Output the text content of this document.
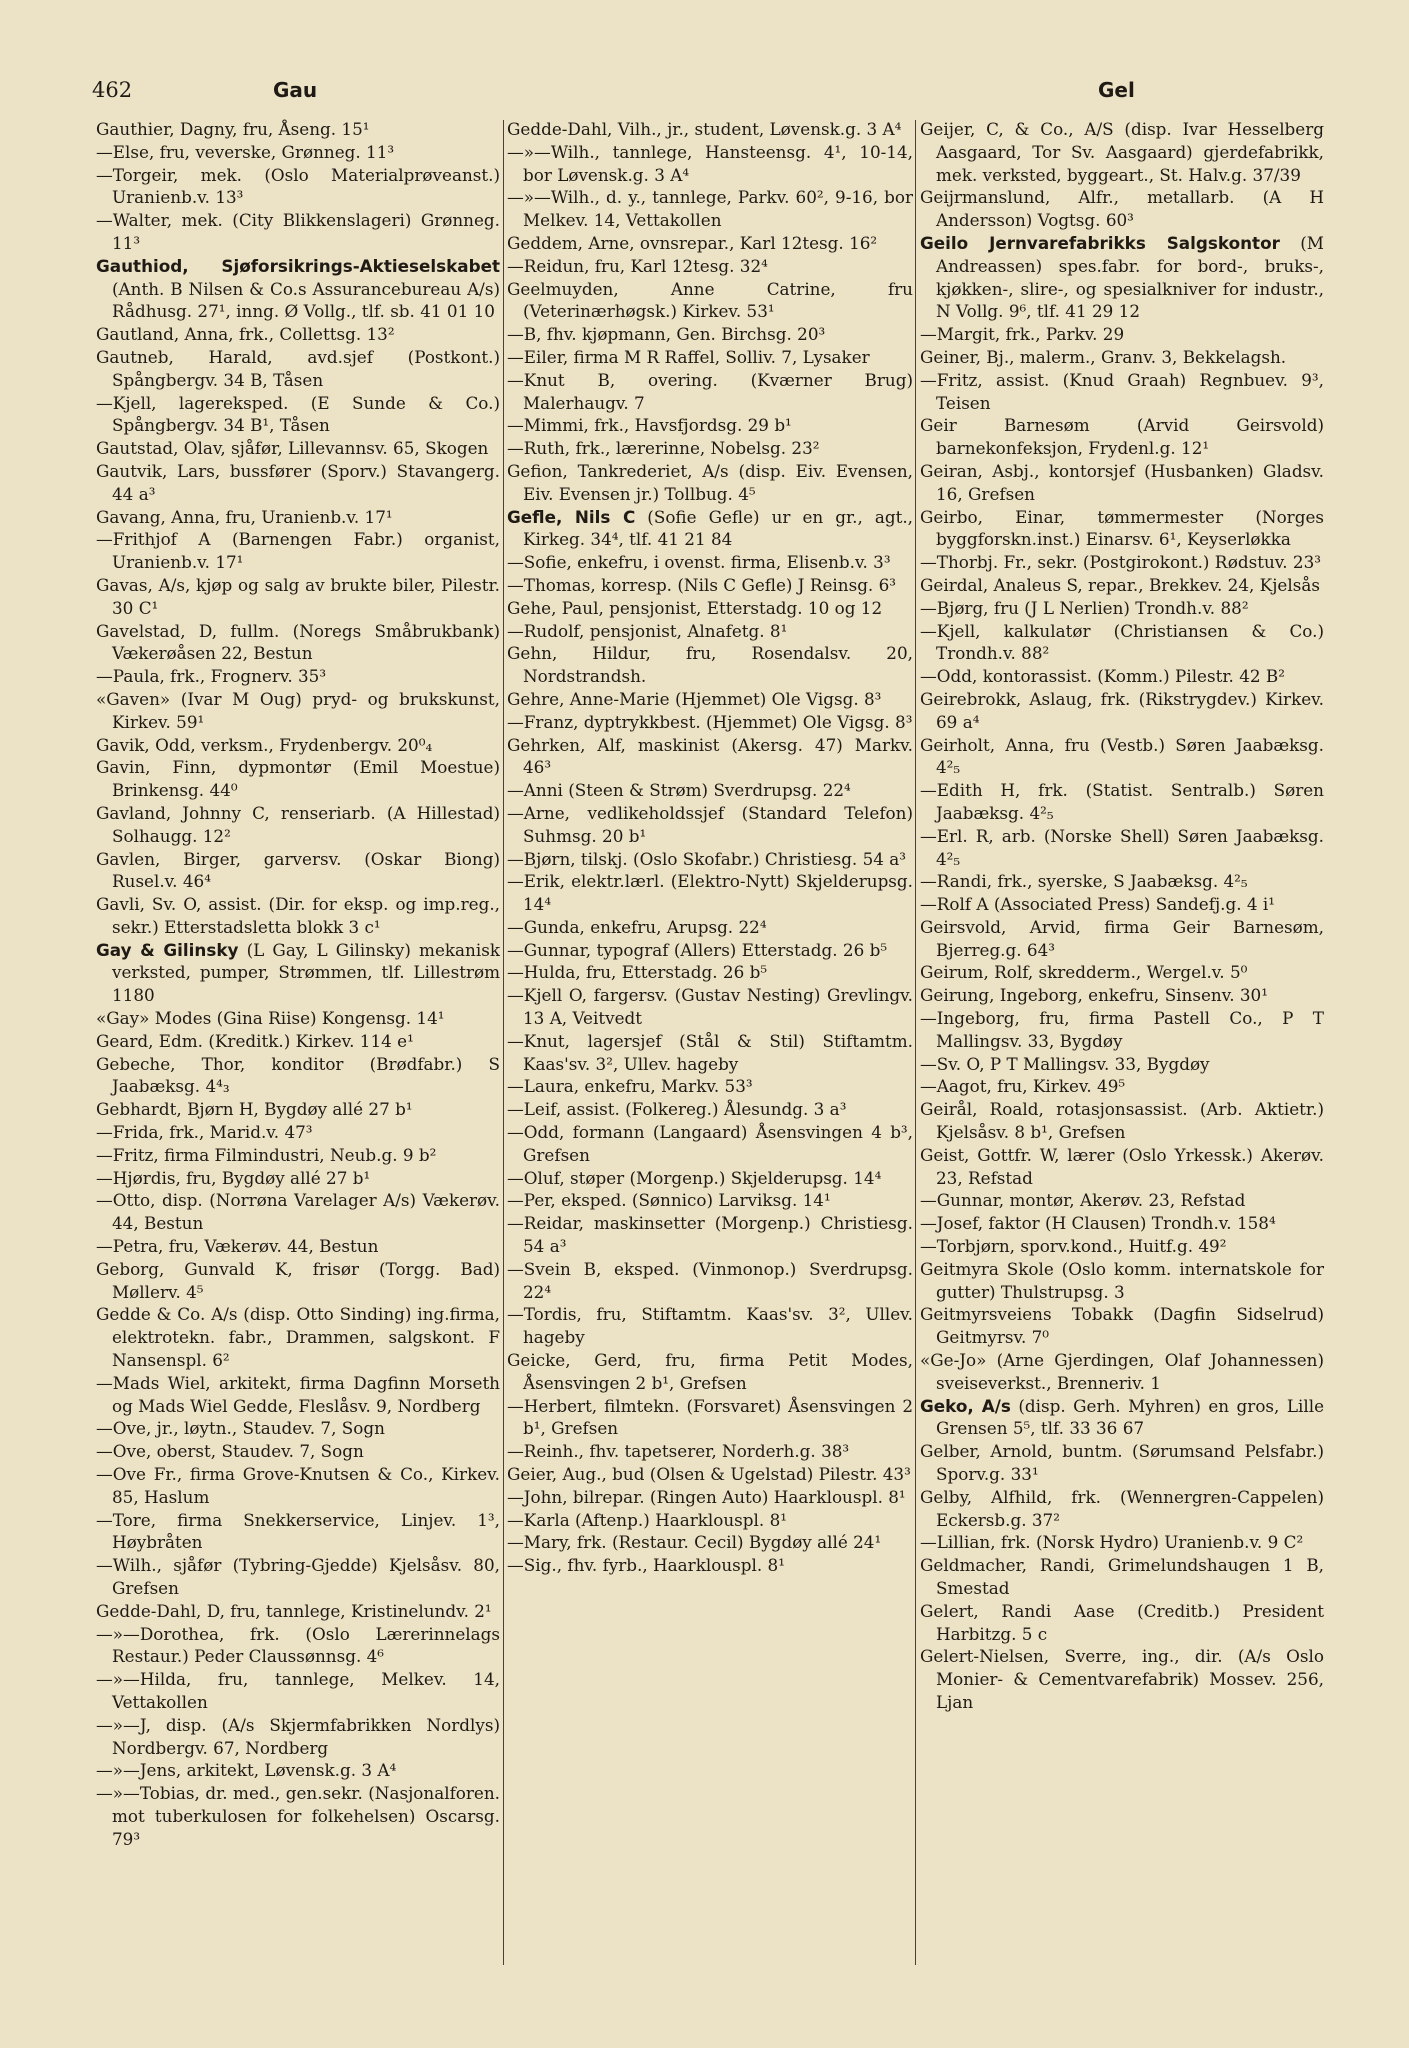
462	Gau	Gel

Gauthier, Dagny, fru, Åseng. 15¹

—Else, fru, veverske, Grønneg. 11³

—Torgeir, mek. (Oslo Materialprøveanst.) Uranienb.v. 13³

—Walter, mek. (City Blikkenslageri) Grønneg. 11³

Gauthiod, Sjøforsikrings-Aktieselskabet (Anth. B Nilsen & Co.s Assurancebureau A/s) Rådhusg. 27¹, inng. Ø Vollg., tlf. sb. 41 01 10

Gautland, Anna, frk., Collettsg. 13²

Gautneb, Harald, avd.sjef (Postkont.) Spångbergv. 34 B, Tåsen

—Kjell, lagereksped. (E Sunde & Co.) Spångbergv. 34 B¹, Tåsen

Gautstad, Olav, sjåfør, Lillevannsv. 65, Skogen

Gautvik, Lars, bussfører (Sporv.) Stavangerg. 44 a³

Gavang, Anna, fru, Uranienb.v. 17¹

—Frithjof A (Barnengen Fabr.) organist, Uranienb.v. 17¹

Gavas, A/s, kjøp og salg av brukte biler, Pilestr. 30 C¹

Gavelstad, D, fullm. (Noregs Småbrukbank) Vækerøåsen 22, Bestun

—Paula, frk., Frognerv. 35³

«Gaven» (Ivar M Oug) pryd- og brukskunst, Kirkev. 59¹

Gavik, Odd, verksm., Frydenbergv. 20⁰₄

Gavin, Finn, dypmontør (Emil Moestue) Brinkensg. 44⁰

Gavland, Johnny C, renseriarb. (A Hillestad) Solhaugg. 12²

Gavlen, Birger, garversv. (Oskar Biong) Rusel.v. 46⁴

Gavli, Sv. O, assist. (Dir. for eksp. og imp.reg., sekr.) Etterstadsletta blokk 3 c¹

Gay & Gilinsky (L Gay, L Gilinsky) mekanisk verksted, pumper, Strømmen, tlf. Lillestrøm 1180

«Gay» Modes (Gina Riise) Kongensg. 14¹

Geard, Edm. (Kreditk.) Kirkev. 114 e¹

Gebeche, Thor, konditor (Brødfabr.) S Jaabæksg. 4⁴₃

Gebhardt, Bjørn H, Bygdøy allé 27 b¹

—Frida, frk., Marid.v. 47³

—Fritz, firma Filmindustri, Neub.g. 9 b²

—Hjørdis, fru, Bygdøy allé 27 b¹

—Otto, disp. (Norrøna Varelager A/s) Vækerøv. 44, Bestun

—Petra, fru, Vækerøv. 44, Bestun

Geborg, Gunvald K, frisør (Torgg. Bad) Møllerv. 4⁵

Gedde & Co. A/s (disp. Otto Sinding) ing.firma, elektrotekn. fabr., Drammen, salgskont. F Nansenspl. 6²

—Mads Wiel, arkitekt, firma Dagfinn Morseth og Mads Wiel Gedde, Fleslåsv. 9, Nordberg

—Ove, jr., løytn., Staudev. 7, Sogn

—Ove, oberst, Staudev. 7, Sogn

—Ove Fr., firma Grove-Knutsen & Co., Kirkev. 85, Haslum

—Tore, firma Snekkerservice, Linjev. 1³, Høybråten

—Wilh., sjåfør (Tybring-Gjedde) Kjelsåsv. 80, Grefsen

Gedde-Dahl, D, fru, tannlege, Kristinelundv. 2¹

—»—Dorothea, frk. (Oslo Lærerinnelags Restaur.) Peder Claussønnsg. 4⁶

—»—Hilda, fru, tannlege, Melkev. 14, Vettakollen

—»—J, disp. (A/s Skjermfabrikken Nordlys) Nordbergv. 67, Nordberg

—»—Jens, arkitekt, Løvensk.g. 3 A⁴

—»—Tobias, dr. med., gen.sekr. (Nasjonalforen. mot tuberkulosen for folkehelsen) Oscarsg. 79³

Gedde-Dahl, Vilh., jr., student, Løvensk.g. 3 A⁴

—»—Wilh., tannlege, Hansteensg. 4¹, 10-14, bor Løvensk.g. 3 A⁴

—»—Wilh., d. y., tannlege, Parkv. 60², 9-16, bor Melkev. 14, Vettakollen

Geddem, Arne, ovnsrepar., Karl 12tesg. 16²

—Reidun, fru, Karl 12tesg. 32⁴

Geelmuyden, Anne Catrine, fru (Veterinærhøgsk.) Kirkev. 53¹

—B, fhv. kjøpmann, Gen. Birchsg. 20³

—Eiler, firma M R Raffel, Solliv. 7, Lysaker

—Knut B, overing. (Kværner Brug) Malerhaugv. 7

—Mimmi, frk., Havsfjordsg. 29 b¹

—Ruth, frk., lærerinne, Nobelsg. 23²

Gefion, Tankrederiet, A/s (disp. Eiv. Evensen, Eiv. Evensen jr.) Tollbug. 4⁵

Gefle, Nils C (Sofie Gefle) ur en gr., agt., Kirkeg. 34⁴, tlf. 41 21 84

—Sofie, enkefru, i ovenst. firma, Elisenb.v. 3³

—Thomas, korresp. (Nils C Gefle) J Reinsg. 6³

Gehe, Paul, pensjonist, Etterstadg. 10 og 12

—Rudolf, pensjonist, Alnafetg. 8¹

Gehn, Hildur, fru, Rosendalsv. 20, Nordstrandsh.

Gehre, Anne-Marie (Hjemmet) Ole Vigsg. 8³

—Franz, dyptrykkbest. (Hjemmet) Ole Vigsg. 8³

Gehrken, Alf, maskinist (Akersg. 47) Markv. 46³

—Anni (Steen & Strøm) Sverdrupsg. 22⁴

—Arne, vedlikeholdssjef (Standard Telefon) Suhmsg. 20 b¹

—Bjørn, tilskj. (Oslo Skofabr.) Christiesg. 54 a³

—Erik, elektr.lærl. (Elektro-Nytt) Skjelderupsg. 14⁴

—Gunda, enkefru, Arupsg. 22⁴

—Gunnar, typograf (Allers) Etterstadg. 26 b⁵

—Hulda, fru, Etterstadg. 26 b⁵

—Kjell O, fargersv. (Gustav Nesting) Grevlingv. 13 A, Veitvedt

—Knut, lagersjef (Stål & Stil) Stiftamtm. Kaas'sv. 3², Ullev. hageby

—Laura, enkefru, Markv. 53³

—Leif, assist. (Folkereg.) Ålesundg. 3 a³

—Odd, formann (Langaard) Åsensvingen 4 b³, Grefsen

—Oluf, støper (Morgenp.) Skjelderupsg. 14⁴

—Per, eksped. (Sønnico) Larviksg. 14¹

—Reidar, maskinsetter (Morgenp.) Christiesg. 54 a³

—Svein B, eksped. (Vinmonop.) Sverdrupsg. 22⁴

—Tordis, fru, Stiftamtm. Kaas'sv. 3², Ullev. hageby

Geicke, Gerd, fru, firma Petit Modes, Åsensvingen 2 b¹, Grefsen

—Herbert, filmtekn. (Forsvaret) Åsensvingen 2 b¹, Grefsen

—Reinh., fhv. tapetserer, Norderh.g. 38³

Geier, Aug., bud (Olsen & Ugelstad) Pilestr. 43³

—John, bilrepar. (Ringen Auto) Haarklouspl. 8¹

—Karla (Aftenp.) Haarklouspl. 8¹

—Mary, frk. (Restaur. Cecil) Bygdøy allé 24¹

—Sig., fhv. fyrb., Haarklouspl. 8¹

Geijer, C, & Co., A/S (disp. Ivar Hesselberg Aasgaard, Tor Sv. Aasgaard) gjerdefabrikk, mek. verksted, byggeart., St. Halv.g. 37/39

Geijrmanslund, Alfr., metallarb. (A H Andersson) Vogtsg. 60³

Geilo Jernvarefabrikks Salgskontor (M Andreassen) spes.fabr. for bord-, bruks-, kjøkken-, slire-, og spesialkniver for industr., N Vollg. 9⁶, tlf. 41 29 12

—Margit, frk., Parkv. 29

Geiner, Bj., malerm., Granv. 3, Bekkelagsh.

—Fritz, assist. (Knud Graah) Regnbuev. 9³, Teisen

Geir Barnesøm (Arvid Geirsvold) barnekonfeksjon, Frydenl.g. 12¹

Geiran, Asbj., kontorsjef (Husbanken) Gladsv. 16, Grefsen

Geirbo, Einar, tømmermester (Norges byggforskn.inst.) Einarsv. 6¹, Keyserløkka

—Thorbj. Fr., sekr. (Postgirokont.) Rødstuv. 23³

Geirdal, Analeus S, repar., Brekkev. 24, Kjelsås

—Bjørg, fru (J L Nerlien) Trondh.v. 88²

—Kjell, kalkulatør (Christiansen & Co.) Trondh.v. 88²

—Odd, kontorassist. (Komm.) Pilestr. 42 B²

Geirebrokk, Aslaug, frk. (Rikstrygdev.) Kirkev. 69 a⁴

Geirholt, Anna, fru (Vestb.) Søren Jaabæksg. 4²₅

—Edith H, frk. (Statist. Sentralb.) Søren Jaabæksg. 4²₅

—Erl. R, arb. (Norske Shell) Søren Jaabæksg. 4²₅

—Randi, frk., syerske, S Jaabæksg. 4²₅

—Rolf A (Associated Press) Sandefj.g. 4 i¹

Geirsvold, Arvid, firma Geir Barnesøm, Bjerreg.g. 64³

Geirum, Rolf, skredderm., Wergel.v. 5⁰

Geirung, Ingeborg, enkefru, Sinsenv. 30¹

—Ingeborg, fru, firma Pastell Co., P T Mallingsv. 33, Bygdøy

—Sv. O, P T Mallingsv. 33, Bygdøy

—Aagot, fru, Kirkev. 49⁵

Geirål, Roald, rotasjonsassist. (Arb. Aktietr.) Kjelsåsv. 8 b¹, Grefsen

Geist, Gottfr. W, lærer (Oslo Yrkessk.) Akerøv. 23, Refstad

—Gunnar, montør, Akerøv. 23, Refstad

—Josef, faktor (H Clausen) Trondh.v. 158⁴

—Torbjørn, sporv.kond., Huitf.g. 49²

Geitmyra Skole (Oslo komm. internatskole for gutter) Thulstrupsg. 3

Geitmyrsveiens Tobakk (Dagfin Sidselrud) Geitmyrsv. 7⁰

«Ge-Jo» (Arne Gjerdingen, Olaf Johannessen) sveiseverkst., Brenneriv. 1

Geko, A/s (disp. Gerh. Myhren) en gros, Lille Grensen 5⁵, tlf. 33 36 67

Gelber, Arnold, buntm. (Sørumsand Pelsfabr.) Sporv.g. 33¹

Gelby, Alfhild, frk. (Wennergren-Cappelen) Eckersb.g. 37²

—Lillian, frk. (Norsk Hydro) Uranienb.v. 9 C²

Geldmacher, Randi, Grimelundshaugen 1 B, Smestad

Gelert, Randi Aase (Creditb.) President Harbitzg. 5 c

Gelert-Nielsen, Sverre, ing., dir. (A/s Oslo Monier- & Cementvarefabrik) Mossev. 256, Ljan
